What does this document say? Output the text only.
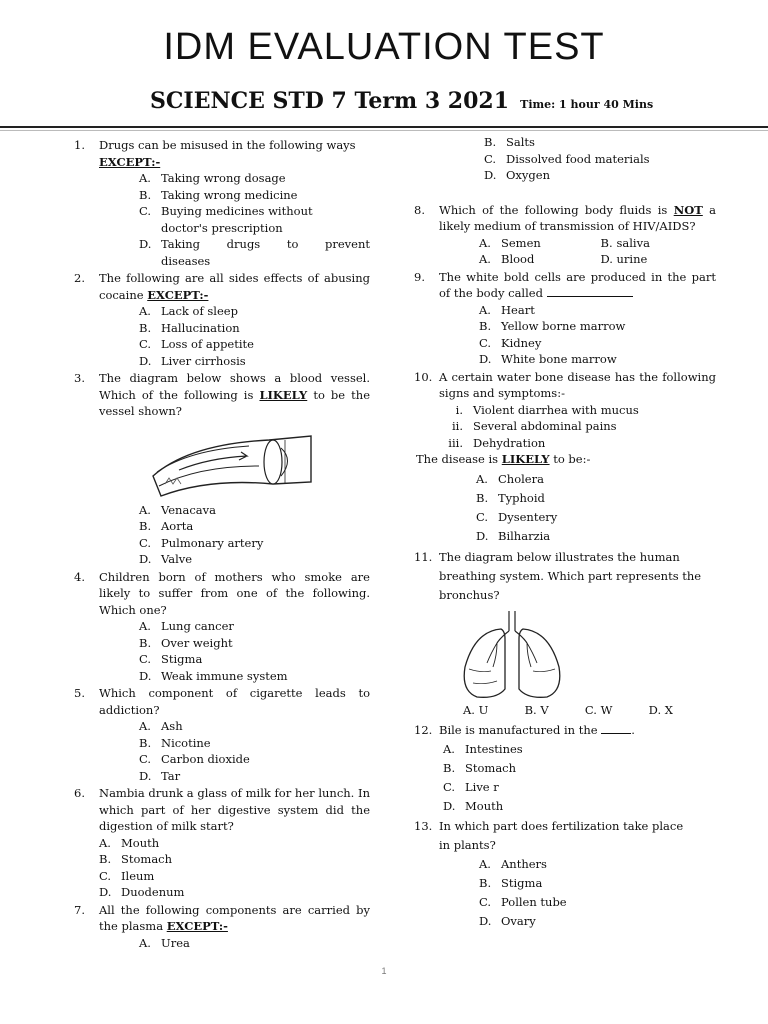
IDM EVALUATION TEST
SCIENCE STD 7 Term 3 2021 Time: 1 hour 40 Mins
1. Drugs can be misused in the following ways EXCEPT:-
A. Taking wrong dosage
B. Taking wrong medicine
C. Buying medicines without doctor's prescription
D. Taking drugs to prevent diseases
2. The following are all sides effects of abusing cocaine EXCEPT:-
A. Lack of sleep
B. Hallucination
C. Loss of appetite
D. Liver cirrhosis
3. The diagram below shows a blood vessel. Which of the following is LIKELY to be the vessel shown?
A. Venacava
B. Aorta
C. Pulmonary artery
D. Valve
4. Children born of mothers who smoke are likely to suffer from one of the following. Which one?
A. Lung cancer
B. Over weight
C. Stigma
D. Weak immune system
5. Which component of cigarette leads to addiction?
A. Ash
B. Nicotine
C. Carbon dioxide
D. Tar
6. Nambia drunk a glass of milk for her lunch. In which part of her digestive system did the digestion of milk start?
A. Mouth
B. Stomach
C. Ileum
D. Duodenum
7. All the following components are carried by the plasma EXCEPT:-
A. Urea
B. Salts
C. Dissolved food materials
D. Oxygen
8. Which of the following body fluids is NOT a likely medium of transmission of HIV/AIDS?
A. Semen	B. saliva
A. Blood	D. urine
9. The white bold cells are produced in the part of the body called
A. Heart
B. Yellow borne marrow
C. Kidney
D. White bone marrow
10. A certain water bone disease has the following signs and symptoms:-
i. Violent diarrhea with mucus
ii. Several abdominal pains
iii. Dehydration
The disease is LIKELY to be:-
A. Cholera
B. Typhoid
C. Dysentery
D. Bilharzia
11. The diagram below illustrates the human breathing system. Which part represents the bronchus?
A. U	B. V	C. W	D. X
12. Bile is manufactured in the	.
A. Intestines
B. Stomach
C. Live r
D. Mouth
13. In which part does fertilization take place in plants?
A. Anthers
B. Stigma
C. Pollen tube
D. Ovary
1
